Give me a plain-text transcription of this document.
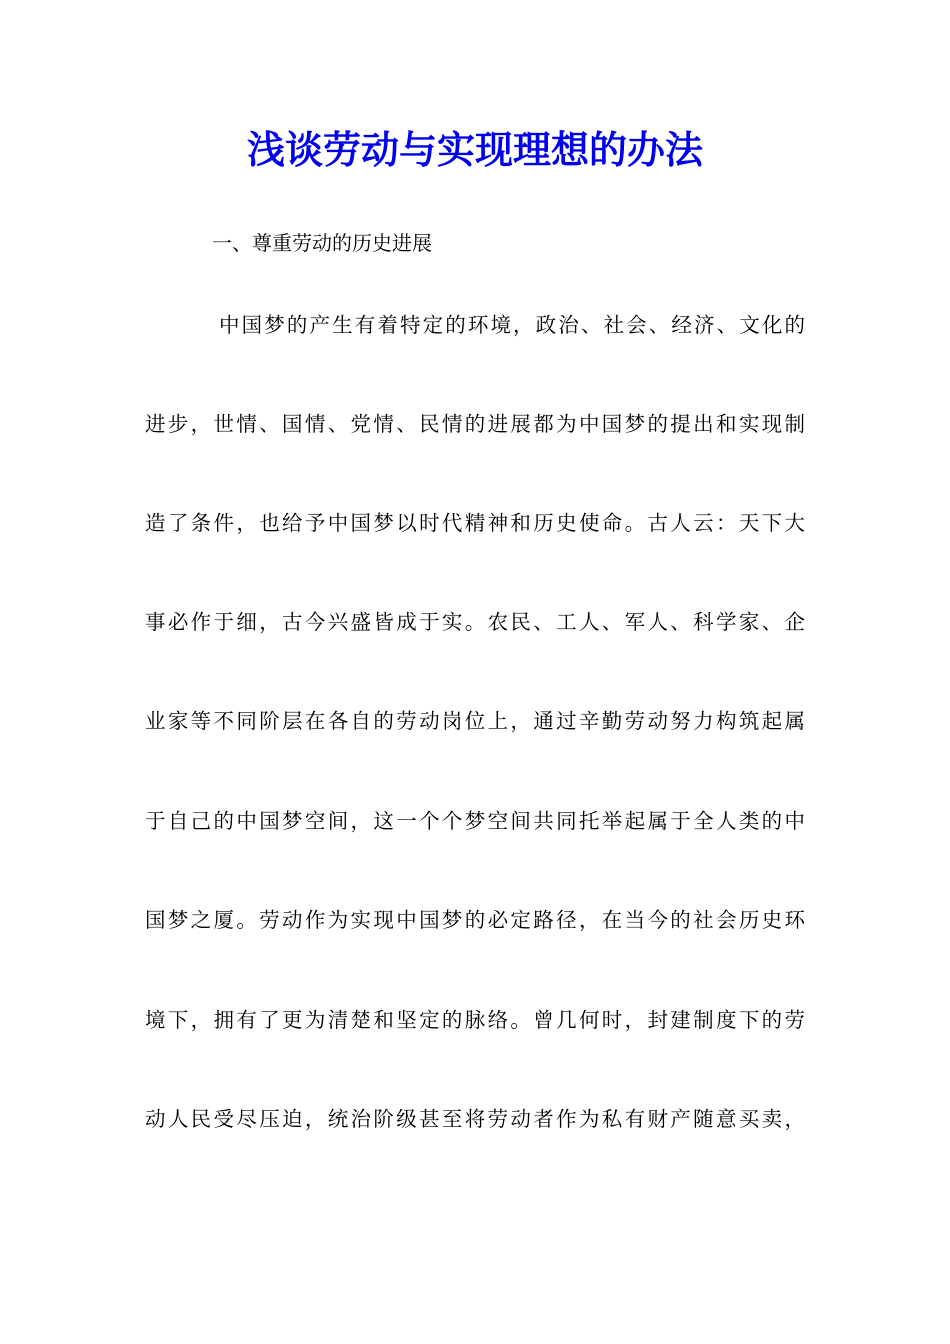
浅谈劳动与实现理想的办法
一、尊重劳动的历史进展
中国梦的产生有着特定的环境，政治、社会、经济、文化的
进步，世情、国情、党情、民情的进展都为中国梦的提出和实现制
造了条件，也给予中国梦以时代精神和历史使命。古人云：天下大
事必作于细，古今兴盛皆成于实。农民、工人、军人、科学家、企
业家等不同阶层在各自的劳动岗位上，通过辛勤劳动努力构筑起属
于自己的中国梦空间，这一个个梦空间共同托举起属于全人类的中
国梦之厦。劳动作为实现中国梦的必定路径，在当今的社会历史环
境下，拥有了更为清楚和坚定的脉络。曾几何时，封建制度下的劳
动人民受尽压迫，统治阶级甚至将劳动者作为私有财产随意买卖，
